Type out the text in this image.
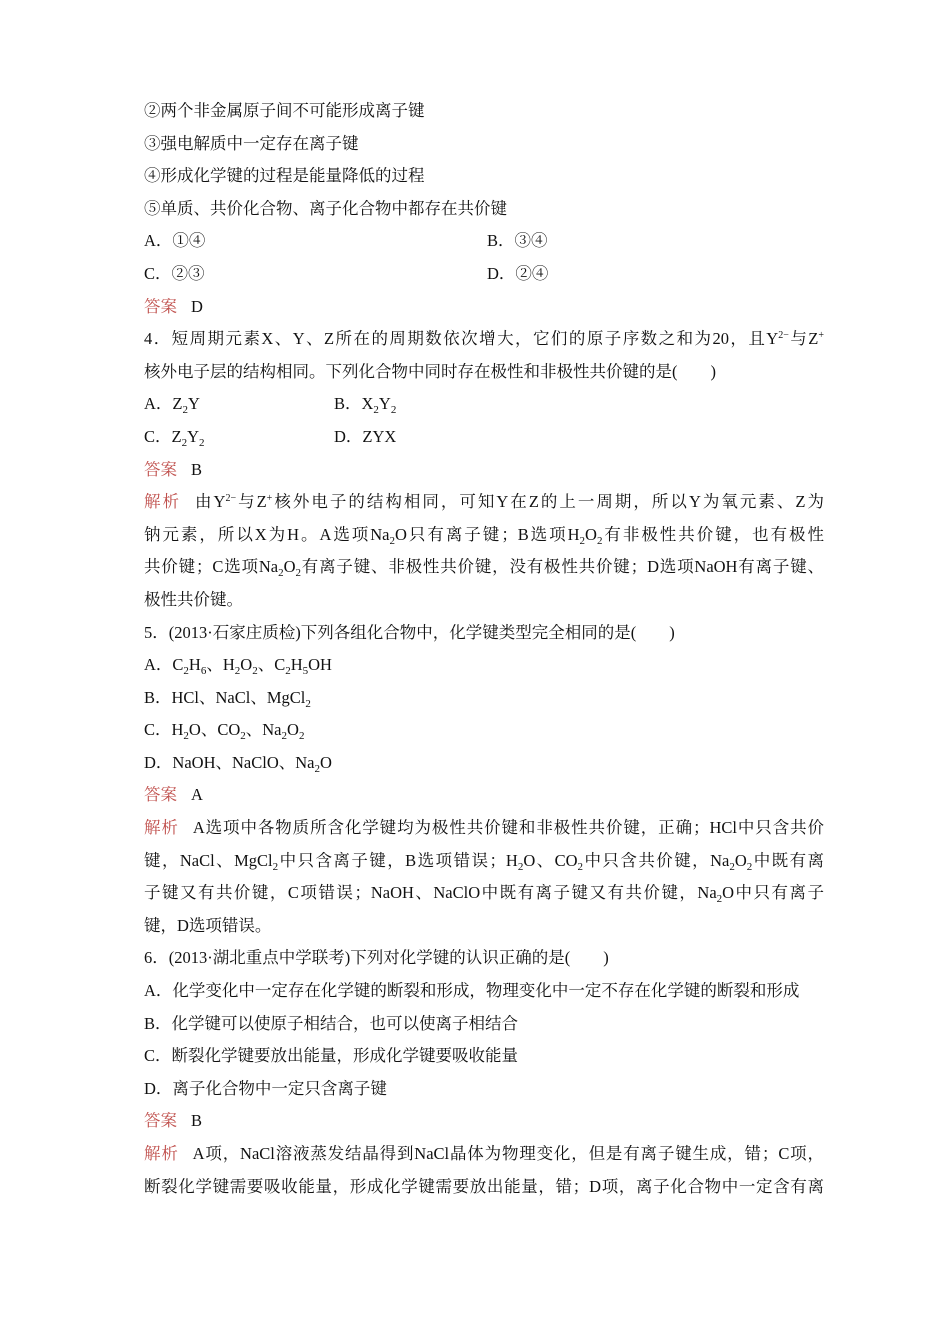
②两个非金属原子间不可能形成离子键
③强电解质中一定存在离子键
④形成化学键的过程是能量降低的过程
⑤单质、共价化合物、离子化合物中都存在共价键
A．①④	B．③④
C．②③	D．②④
答案 D
4．短周期元素X、Y、Z所在的周期数依次增大，它们的原子序数之和为20，且$Y^{2-}$与Z+
核外电子层的结构相同。下列化合物中同时存在极性和非极性共价键的是(　　)
A．$Z_2Y$	B．$X_2Y_2$
C．$Z_2Y_2$	D．ZYX
答案 B
解析 由$Y^{2-}$与Z+核外电子的结构相同，可知Y在Z的上一周期，所以Y为氧元素、Z为
钠元素，所以X为H。A选项$Na_2O$只有离子键；B选项$H_2O_2$有非极性共价键，也有极性
共价键；C选项$Na_2O_2$有离子键、非极性共价键，没有极性共价键；D选项NaOH有离子键、
极性共价键。
5．(2013·石家庄质检)下列各组化合物中，化学键类型完全相同的是(　　)
A．$C_2H_6$、$H_2O_2$、$C_2H_5OH$
B．HCl、NaCl、MgCl$_2$
C．$H_2O$、$CO_2$、$Na_2O_2$
D．NaOH、NaClO、$Na_2O$
答案 A
解析 A选项中各物质所含化学键均为极性共价键和非极性共价键，正确；HCl中只含共价
键，NaCl、MgCl$_2$中只含离子键，B选项错误；$H_2O$、$CO_2$中只含共价键，$Na_2O_2$中既有离
子键又有共价键，C项错误；NaOH、NaClO中既有离子键又有共价键，$Na_2O$中只有离子
键，D选项错误。
6．(2013·湖北重点中学联考)下列对化学键的认识正确的是(　　)
A．化学变化中一定存在化学键的断裂和形成，物理变化中一定不存在化学键的断裂和形成
B．化学键可以使原子相结合，也可以使离子相结合
C．断裂化学键要放出能量，形成化学键要吸收能量
D．离子化合物中一定只含离子键
答案 B
解析 A项，NaCl溶液蒸发结晶得到NaCl晶体为物理变化，但是有离子键生成，错；C项，
断裂化学键需要吸收能量，形成化学键需要放出能量，错；D项，离子化合物中一定含有离
